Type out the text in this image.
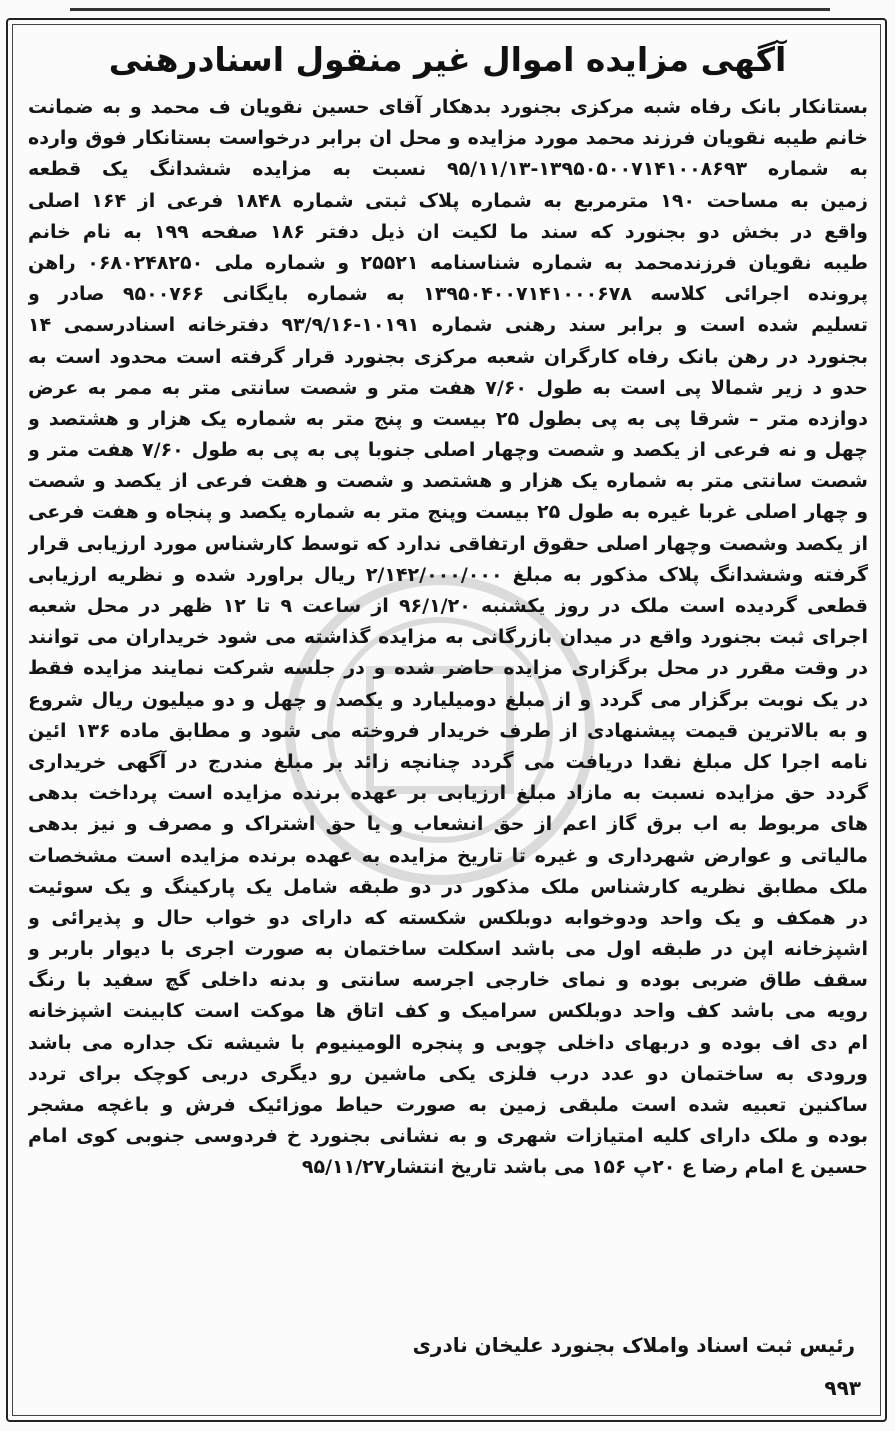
آگهی مزایده اموال غیر منقول اسنادرهنی
بستانکار بانک رفاه شبه مرکزی بجنورد بدهکار آقای حسین نقویان ف محمد و به ضمانت
خانم طیبه نقویان فرزند محمد مورد مزایده و محل ان برابر درخواست بستانکار فوق وارده
به شماره ۱۳۹۵۰۵۰۰۷۱۴۱۰۰۸۶۹۳-۹۵/۱۱/۱۳ نسبت به مزایده ششدانگ یک قطعه
زمین به مساحت ۱۹۰ مترمربع به شماره پلاک ثبتی شماره ۱۸۴۸ فرعی از ۱۶۴ اصلی
واقع در بخش دو بجنورد که سند ما لکیت ان ذیل دفتر ۱۸۶ صفحه ۱۹۹ به نام خانم
طیبه نقویان فرزندمحمد به شماره شناسنامه ۲۵۵۲۱ و شماره ملی ۰۶۸۰۲۴۸۲۵۰ راهن
پرونده اجرائی کلاسه ۱۳۹۵۰۴۰۰۷۱۴۱۰۰۰۶۷۸ به شماره بایگانی ۹۵۰۰۷۶۶ صادر و
تسلیم شده است و برابر سند رهنی شماره ۱۰۱۹۱-۹۳/۹/۱۶ دفترخانه اسنادرسمی ۱۴
بجنورد در رهن بانک رفاه کارگران شعبه مرکزی بجنورد قرار گرفته است محدود است به
حدو د زیر شمالا پی است به طول ۷/۶۰ هفت متر و شصت سانتی متر به ممر به عرض
دوازده متر – شرقا پی به پی بطول ۲۵ بیست و پنج متر به شماره یک هزار و هشتصد و
چهل و نه فرعی از یکصد و شصت وچهار اصلی جنوبا پی به پی به طول ۷/۶۰ هفت متر و
شصت سانتی متر به شماره یک هزار و هشتصد و شصت و هفت فرعی از یکصد و شصت
و چهار اصلی غربا غیره به طول ۲۵ بیست وپنج متر به شماره یکصد و پنجاه و هفت فرعی
از یکصد وشصت وچهار اصلی حقوق ارتفاقی ندارد که توسط کارشناس مورد ارزیابی قرار
گرفته وششدانگ پلاک مذکور به مبلغ ۲/۱۴۲/۰۰۰/۰۰۰ ریال براورد شده و نظریه ارزیابی
قطعی گردیده است ملک در روز یکشنبه ۹۶/۱/۲۰ از ساعت ۹ تا ۱۲ ظهر در محل شعبه
اجرای ثبت بجنورد واقع در میدان بازرگانی به مزایده گذاشته می شود خریداران می توانند
در وقت مقرر در محل برگزاری مزایده حاضر شده و در جلسه شرکت نمایند مزایده فقط
در یک نوبت برگزار می گردد و از مبلغ دومیلیارد و یکصد و چهل و دو میلیون ریال شروع
و به بالاترین قیمت پیشنهادی از طرف خریدار فروخته می شود و مطابق ماده ۱۳۶ ائین
نامه اجرا کل مبلغ نقدا دریافت می گردد چنانچه زائد بر مبلغ مندرج در آگهی خریداری
گردد حق مزایده نسبت به مازاد مبلغ ارزیابی بر عهده برنده مزایده است پرداخت بدهی
های مربوط به اب برق گاز اعم از حق انشعاب و یا حق اشتراک و مصرف و نیز بدهی
مالیاتی و عوارض شهرداری و غیره تا تاریخ مزایده به عهده برنده مزایده است مشخصات
ملک مطابق نظریه کارشناس ملک مذکور در دو طبقه شامل یک پارکینگ و یک سوئیت
در همکف و یک واحد ودوخوابه دوبلکس شکسته که دارای دو خواب حال و پذیرائی و
اشپزخانه اپن در طبقه اول می باشد اسکلت ساختمان به صورت اجری با دیوار باربر و
سقف طاق ضربی بوده و نمای خارجی اجرسه سانتی و بدنه داخلی گچ سفید با رنگ
رویه می باشد کف واحد دوبلکس سرامیک و کف اتاق ها موکت است کابینت اشپزخانه
ام دی اف بوده و دربهای داخلی چوبی و پنجره الومینیوم با شیشه تک جداره می باشد
ورودی به ساختمان دو عدد درب فلزی یکی ماشین رو دیگری دربی کوچک برای تردد
ساکنین تعبیه شده است ملبقی زمین به صورت حیاط موزائیک فرش و باغچه مشجر
بوده و ملک دارای کلیه امتیازات شهری و به نشانی بجنورد خ فردوسی جنوبی کوی امام
حسین ع امام رضا ع ۲۰پ ۱۵۶ می باشد تاریخ انتشار۹۵/۱۱/۲۷
رئیس ثبت اسناد واملاک بجنورد علیخان نادری
۹۹۳
